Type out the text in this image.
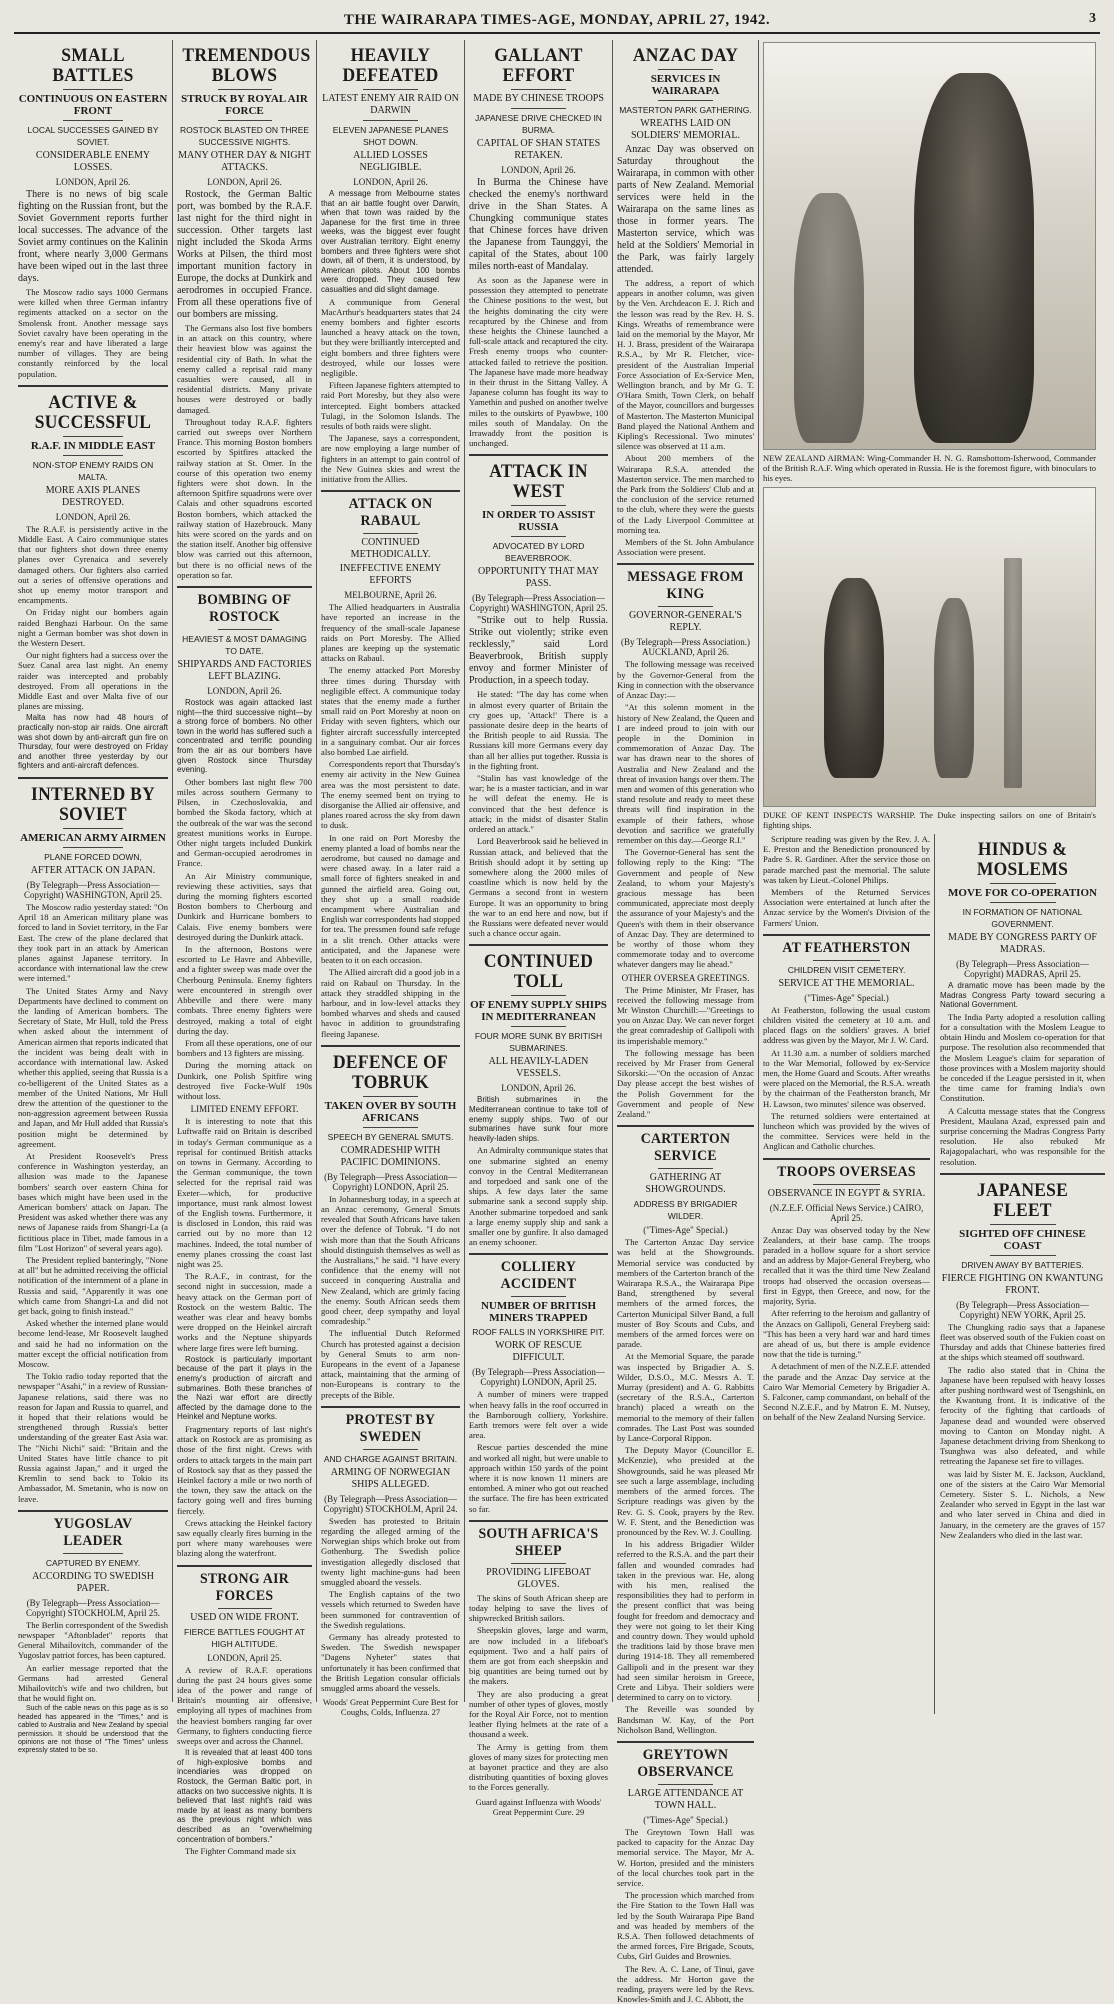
THE WAIRARAPA TIMES-AGE, MONDAY, APRIL 27, 1942.	3
SMALL BATTLES
CONTINUOUS ON EASTERN FRONT
LOCAL SUCCESSES GAINED BY SOVIET.
CONSIDERABLE ENEMY LOSSES.
LONDON, April 26.

There is no news of big scale fighting on the Russian front, but the Soviet Government reports further local successes. The advance of the Soviet army continues on the Kalinin front, where nearly 3,000 Germans have been wiped out in the last three days.

The Moscow radio says 1000 Germans were killed when three German infantry regiments attacked on a sector on the Smolensk front. Another message says Soviet cavalry have been operating in the enemy's rear and have liberated a large number of villages. They are being constantly reinforced by the local population.

ACTIVE & SUCCESSFUL
R.A.F. IN MIDDLE EAST
NON-STOP ENEMY RAIDS ON MALTA.
MORE AXIS PLANES DESTROYED.
LONDON, April 26.

The R.A.F. is persistently active in the Middle East. A Cairo communique states that our fighters shot down three enemy planes over Cyrenaica and severely damaged others. Our fighters also carried out a series of offensive operations and shot up enemy motor transport and encampments.

On Friday night our bombers again raided Benghazi Harbour. On the same night a German bomber was shot down in the Western Desert.

Our night fighters had a success over the Suez Canal area last night. An enemy raider was intercepted and probably destroyed. From all operations in the Middle East and over Malta five of our planes are missing.

Malta has now had 48 hours of practically non-stop air raids. One aircraft was shot down by anti-aircraft gun fire on Thursday, four were destroyed on Friday and another three yesterday by our fighters and anti-aircraft defences.

INTERNED BY SOVIET
AMERICAN ARMY AIRMEN
PLANE FORCED DOWN,
AFTER ATTACK ON JAPAN.
(By Telegraph—Press Association—Copyright) WASHINGTON, April 25.

The Moscow radio yesterday stated: "On April 18 an American military plane was forced to land in Soviet territory, in the Far East. The crew of the plane declared that they took part in an attack by American planes against Japanese territory. In accordance with international law the crew were interned."

The United States Army and Navy Departments have declined to comment on the landing of American bombers. The Secretary of State, Mr Hull, told the Press when asked about the internment of American airmen that reports indicated that the incident was being dealt with in accordance with international law. Asked whether this applied, seeing that Russia is a co-belligerent of the United States as a member of the United Nations, Mr Hull drew the attention of the questioner to the non-aggression agreement between Russia and Japan, and Mr Hull added that Russia's position might be determined by agreement.

At President Roosevelt's Press conference in Washington yesterday, an allusion was made to the Japanese bombers' search over eastern China for bases which might have been used in the American bombers' attack on Japan. The President was asked whether there was any news of Japanese raids from Shangri-La (a fictitious place in Tibet, made famous in a film "Lost Horizon" of several years ago).

The President replied banteringly, "None at all" but he admitted receiving the official notification of the internment of a plane in Russia and said, "Apparently it was one which came from Shangri-La and did not get back, going to finish instead."

Asked whether the interned plane would become lend-lease, Mr Roosevelt laughed and said he had no information on the matter except the official notification from Moscow.

The Tokio radio today reported that the newspaper "Asahi," in a review of Russian-Japanese relations, said there was no reason for Japan and Russia to quarrel, and it hoped that their relations would be strengthened through Russia's better understanding of the greater East Asia war. The "Nichi Nichi" said: "Britain and the United States have little chance to pit Russia against Japan," and it urged the Kremlin to send back to Tokio its Ambassador, M. Smetanin, who is now on leave.

YUGOSLAV LEADER
CAPTURED BY ENEMY.
ACCORDING TO SWEDISH PAPER.
(By Telegraph—Press Association—Copyright) STOCKHOLM, April 25.

The Berlin correspondent of the Swedish newspaper "Aftonbladet" reports that General Mihailovitch, commander of the Yugoslav patriot forces, has been captured.

An earlier message reported that the Germans had arrested General Mihailovitch's wife and two children, but that he would fight on.

Such of the cable news on this page as is so headed has appeared in the "Times," and is cabled to Australia and New Zealand by special permission. It should be understood that the opinions are not those of "The Times" unless expressly stated to be so.

TREMENDOUS BLOWS
STRUCK BY ROYAL AIR FORCE
ROSTOCK BLASTED ON THREE SUCCESSIVE NIGHTS.
MANY OTHER DAY & NIGHT ATTACKS.
LONDON, April 26.

Rostock, the German Baltic port, was bombed by the R.A.F. last night for the third night in succession. Other targets last night included the Skoda Arms Works at Pilsen, the third most important munition factory in Europe, the docks at Dunkirk and aerodromes in occupied France. From all these operations five of our bombers are missing.

The Germans also lost five bombers in an attack on this country, where their heaviest blow was against the residential city of Bath. In what the enemy called a reprisal raid many casualties were caused, all in residential districts. Many private houses were destroyed or badly damaged.

Throughout today R.A.F. fighters carried out sweeps over Northern France. This morning Boston bombers escorted by Spitfires attacked the railway station at St. Omer. In the course of this operation two enemy fighters were shot down. In the afternoon Spitfire squadrons were over Calais and other squadrons escorted Boston bombers, which attacked the railway station of Hazebrouck. Many hits were scored on the yards and on the station itself. Another big offensive blow was carried out this afternoon, but there is no official news of the operation so far.

BOMBING OF ROSTOCK
HEAVIEST & MOST DAMAGING TO DATE.
SHIPYARDS AND FACTORIES LEFT BLAZING.
LONDON, April 26.

Rostock was again attacked last night—the third successive night—by a strong force of bombers. No other town in the world has suffered such a concentrated and terrific pounding from the air as our bombers have given Rostock since Thursday evening.

Other bombers last night flew 700 miles across southern Germany to Pilsen, in Czechoslovakia, and bombed the Skoda factory, which at the outbreak of the war was the second greatest munitions works in Europe. Other night targets included Dunkirk and German-occupied aerodromes in France.

An Air Ministry communique, reviewing these activities, says that during the morning fighters escorted Boston bombers to Cherbourg and Dunkirk and Hurricane bombers to Calais. Five enemy bombers were destroyed during the Dunkirk attack.

In the afternoon, Bostons were escorted to Le Havre and Abbeville, and a fighter sweep was made over the Cherbourg Peninsula. Enemy fighters were encountered in strength over Abbeville and there were many combats. Three enemy fighters were destroyed, making a total of eight during the day.

From all these operations, one of our bombers and 13 fighters are missing.

During the morning attack on Dunkirk, one Polish Spitfire wing destroyed five Focke-Wulf 190s without loss.

LIMITED ENEMY EFFORT.

It is interesting to note that this Luftwaffe raid on Britain is described in today's German communique as a reprisal for continued British attacks on towns in Germany. According to the German communique, the town selected for the reprisal raid was Exeter—which, for productive importance, must rank almost lowest of the English towns. Furthermore, it is disclosed in London, this raid was carried out by no more than 12 machines. Indeed, the total number of enemy planes crossing the coast last night was 25.

The R.A.F., in contrast, for the second night in succession, made a heavy attack on the German port of Rostock on the western Baltic. The weather was clear and heavy bombs were dropped on the Heinkel aircraft works and the Neptune shipyards where large fires were left burning.

Rostock is particularly important because of the part it plays in the enemy's production of aircraft and submarines. Both these branches of the Nazi war effort are directly affected by the damage done to the Heinkel and Neptune works.

Fragmentary reports of last night's attack on Rostock are as promising as those of the first night. Crews with orders to attack targets in the main part of Rostock say that as they passed the Heinkel factory a mile or two north of the town, they saw the attack on the factory going well and fires burning fiercely.

Crews attacking the Heinkel factory saw equally clearly fires burning in the port where many warehouses were blazing along the waterfront.

STRONG AIR FORCES
USED ON WIDE FRONT.
FIERCE BATTLES FOUGHT AT HIGH ALTITUDE.
LONDON, April 25.

A review of R.A.F. operations during the past 24 hours gives some idea of the power and range of Britain's mounting air offensive, employing all types of machines from the heaviest bombers ranging far over Germany, to fighters conducting fierce sweeps over and across the Channel.

It is revealed that at least 400 tons of high-explosive bombs and incendiaries was dropped on Rostock, the German Baltic port, in attacks on two successive nights. It is believed that last night's raid was made by at least as many bombers as the previous night which was described as an "overwhelming concentration of bombers."

The Fighter Command made six

HEAVILY DEFEATED
LATEST ENEMY AIR RAID ON DARWIN
ELEVEN JAPANESE PLANES SHOT DOWN.
ALLIED LOSSES NEGLIGIBLE.
LONDON, April 26.

A message from Melbourne states that an air battle fought over Darwin, when that town was raided by the Japanese for the first time in three weeks, was the biggest ever fought over Australian territory. Eight enemy bombers and three fighters were shot down, all of them, it is understood, by American pilots. About 100 bombs were dropped. They caused few casualties and did slight damage.

A communique from General MacArthur's headquarters states that 24 enemy bombers and fighter escorts launched a heavy attack on the town, but they were brilliantly intercepted and eight bombers and three fighters were destroyed, while our losses were negligible.

Fifteen Japanese fighters attempted to raid Port Moresby, but they also were intercepted. Eight bombers attacked Tulagi, in the Solomon Islands. The results of both raids were slight.

The Japanese, says a correspondent, are now employing a large number of fighters in an attempt to gain control of the New Guinea skies and wrest the initiative from the Allies.

ATTACK ON RABAUL
CONTINUED METHODICALLY.
INEFFECTIVE ENEMY EFFORTS
MELBOURNE, April 26.

The Allied headquarters in Australia have reported an increase in the frequency of the small-scale Japanese raids on Port Moresby. The Allied planes are keeping up the systematic attacks on Rabaul.

The enemy attacked Port Moresby three times during Thursday with negligible effect. A communique today states that the enemy made a further small raid on Port Moresby at noon on Friday with seven fighters, which our fighter aircraft successfully intercepted in a sanguinary combat. Our air forces also bombed Lae airfield.

Correspondents report that Thursday's enemy air activity in the New Guinea area was the most persistent to date. The enemy seemed bent on trying to disorganise the Allied air offensive, and planes roared across the sky from dawn to dusk.

In one raid on Port Moresby the enemy planted a load of bombs near the aerodrome, but caused no damage and were chased away. In a later raid a small force of fighters sneaked in and gunned the airfield area. Going out, they shot up a small roadside encampment where Australian and English war correspondents had stopped for tea. The pressmen found safe refuge in a slit trench. Other attacks were anticipated, and the Japanese were beaten to it on each occasion.

The Allied aircraft did a good job in a raid on Rabaul on Thursday. In the attack they straddled shipping in the harbour, and in low-level attacks they bombed wharves and sheds and caused havoc in addition to groundstrafing fleeing Japanese.

DEFENCE OF TOBRUK
TAKEN OVER BY SOUTH AFRICANS
SPEECH BY GENERAL SMUTS.
COMRADESHIP WITH PACIFIC DOMINIONS.
(By Telegraph—Press Association—Copyright) LONDON, April 25.

In Johannesburg today, in a speech at an Anzac ceremony, General Smuts revealed that South Africans have taken over the defence of Tobruk. "I do not wish more than that the South Africans should distinguish themselves as well as the Australians," he said. "I have every confidence that the enemy will not succeed in conquering Australia and New Zealand, which are grimly facing the enemy. South African seeds them good cheer, deep sympathy and loyal comradeship."

The influential Dutch Reformed Church has protested against a decision by General Smuts to arm non-Europeans in the event of a Japanese attack, maintaining that the arming of non-Europeans is contrary to the precepts of the Bible.

PROTEST BY SWEDEN
AND CHARGE AGAINST BRITAIN.
ARMING OF NORWEGIAN SHIPS ALLEGED.
(By Telegraph—Press Association—Copyright) STOCKHOLM, April 24.

Sweden has protested to Britain regarding the alleged arming of the Norwegian ships which broke out from Gothenburg. The Swedish police investigation allegedly disclosed that twenty light machine-guns had been smuggled aboard the vessels.

The English captains of the two vessels which returned to Sweden have been summoned for contravention of the Swedish regulations.

Germany has already protested to Sweden. The Swedish newspaper "Dagens Nyheter" states that unfortunately it has been confirmed that the British Legation consular officials smuggled arms aboard the vessels.

Woods' Great Peppermint Cure Best for Coughs, Colds, Influenza. 27
GALLANT EFFORT
MADE BY CHINESE TROOPS
JAPANESE DRIVE CHECKED IN BURMA.
CAPITAL OF SHAN STATES RETAKEN.
LONDON, April 26.

In Burma the Chinese have checked the enemy's northward drive in the Shan States. A Chungking communique states that Chinese forces have driven the Japanese from Taunggyi, the capital of the States, about 100 miles north-east of Mandalay.

As soon as the Japanese were in possession they attempted to penetrate the Chinese positions to the west, but the heights dominating the city were recaptured by the Chinese and from these heights the Chinese launched a full-scale attack and recaptured the city. Fresh enemy troops who counter-attacked failed to retrieve the position. The Japanese have made more headway in their thrust in the Sittang Valley. A Japanese column has fought its way to Yamethin and pushed on another twelve miles to the outskirts of Pyawbwe, 100 miles south of Mandalay. On the Irrawaddy front the position is unchanged.

ATTACK IN WEST
IN ORDER TO ASSIST RUSSIA
ADVOCATED BY LORD BEAVERBROOK.
OPPORTUNITY THAT MAY PASS.
(By Telegraph—Press Association—Copyright) WASHINGTON, April 25.

"Strike out to help Russia. Strike out violently; strike even recklessly," said Lord Beaverbrook, British supply envoy and former Minister of Production, in a speech today.

He stated: "The day has come when in almost every quarter of Britain the cry goes up, 'Attack!' There is a passionate desire deep in the hearts of the British people to aid Russia. The Russians kill more Germans every day than all her allies put together. Russia is in the fighting front.

"Stalin has vast knowledge of the war; he is a master tactician, and in war he will defeat the enemy. He is convinced that the best defence is attack; in the midst of disaster Stalin ordered an attack."

Lord Beaverbrook said he believed in Russian attack, and believed that the British should adopt it by setting up somewhere along the 2000 miles of coastline which is now held by the Germans a second front in western Europe. It was an opportunity to bring the war to an end here and now, but if the Russians were defeated never would such a chance occur again.

CONTINUED TOLL
OF ENEMY SUPPLY SHIPS IN MEDITERRANEAN
FOUR MORE SUNK BY BRITISH SUBMARINES.
ALL HEAVILY-LADEN VESSELS.
LONDON, April 26.

British submarines in the Mediterranean continue to take toll of enemy supply ships. Two of our submarines have sunk four more heavily-laden ships.

An Admiralty communique states that one submarine sighted an enemy convoy in the Central Mediterranean and torpedoed and sank one of the ships. A few days later the same submarine sank a second supply ship. Another submarine torpedoed and sank a large enemy supply ship and sank a smaller one by gunfire. It also damaged an enemy schooner.

COLLIERY ACCIDENT
NUMBER OF BRITISH MINERS TRAPPED
ROOF FALLS IN YORKSHIRE PIT.
WORK OF RESCUE DIFFICULT.
(By Telegraph—Press Association—Copyright) LONDON, April 25.

A number of miners were trapped when heavy falls in the roof occurred in the Barnborough colliery, Yorkshire. Earth tremors were felt over a wide area.

Rescue parties descended the mine and worked all night, but were unable to approach within 150 yards of the point where it is now known 11 miners are entombed. A miner who got out reached the surface. The fire has been extricated so far.

SOUTH AFRICA'S SHEEP
PROVIDING LIFEBOAT GLOVES.

The skins of South African sheep are today helping to save the lives of shipwrecked British sailors.

Sheepskin gloves, large and warm, are now included in a lifeboat's equipment. Two and a half pairs of them are got from each sheepskin and big quantities are being turned out by the makers.

They are also producing a great number of other types of gloves, mostly for the Royal Air Force, not to mention leather flying helmets at the rate of a thousand a week.

The Army is getting from them gloves of many sizes for protecting men at bayonet practice and they are also distributing quantities of boxing gloves to the Forces generally.

Guard against Influenza with Woods' Great Peppermint Cure. 29
ANZAC DAY
SERVICES IN WAIRARAPA
MASTERTON PARK GATHERING.
WREATHS LAID ON SOLDIERS' MEMORIAL.

Anzac Day was observed on Saturday throughout the Wairarapa, in common with other parts of New Zealand. Memorial services were held in the Wairarapa on the same lines as those in former years. The Masterton service, which was held at the Soldiers' Memorial in the Park, was fairly largely attended.

The address, a report of which appears in another column, was given by the Ven. Archdeacon E. J. Rich and the lesson was read by the Rev. H. S. Kings. Wreaths of remembrance were laid on the memorial by the Mayor, Mr H. J. Brass, president of the Wairarapa R.S.A., by Mr R. Fletcher, vice-president of the Australian Imperial Force Association of Ex-Service Men, Wellington branch, and by Mr G. T. O'Hara Smith, Town Clerk, on behalf of the Mayor, councillors and burgesses of Masterton. The Masterton Municipal Band played the National Anthem and Kipling's Recessional. Two minutes' silence was observed at 11 a.m.

About 200 members of the Wairarapa R.S.A. attended the Masterton service. The men marched to the Park from the Soldiers' Club and at the conclusion of the service returned to the club, where they were the guests of the Lady Liverpool Committee at morning tea.

Members of the St. John Ambulance Association were present.

MESSAGE FROM KING
GOVERNOR-GENERAL'S REPLY.
(By Telegraph—Press Association.) AUCKLAND, April 26.

The following message was received by the Governor-General from the King in connection with the observance of Anzac Day:—

"At this solemn moment in the history of New Zealand, the Queen and I are indeed proud to join with our people in the Dominion in commemoration of Anzac Day. The war has drawn near to the shores of Australia and New Zealand and the threat of invasion hangs over them. The men and women of this generation who stand resolute and ready to meet these threats will find inspiration in the example of their fathers, whose devotion and sacrifice we gratefully remember on this day.—George R.I."

The Governor-General has sent the following reply to the King: "The Government and people of New Zealand, to whom your Majesty's gracious message has been communicated, appreciate most deeply the assurance of your Majesty's and the Queen's with them in their observance of Anzac Day. They are determined to be worthy of those whom they commemorate today and to overcome whatever dangers may lie ahead."

OTHER OVERSEA GREETINGS.

The Prime Minister, Mr Fraser, has received the following message from Mr Winston Churchill:—"Greetings to you on Anzac Day. We can never forget the great comradeship of Gallipoli with its imperishable memory."

The following message has been received by Mr Fraser from General Sikorski:—"On the occasion of Anzac Day please accept the best wishes of the Polish Government for the Government and people of New Zealand."

CARTERTON SERVICE
GATHERING AT SHOWGROUNDS.
ADDRESS BY BRIGADIER WILDER.
("Times-Age" Special.)

The Carterton Anzac Day service was held at the Showgrounds. Memorial service was conducted by members of the Carterton branch of the Wairarapa R.S.A., the Wairarapa Pipe Band, strengthened by several members of the armed forces, the Carterton Municipal Silver Band, a full muster of Boy Scouts and Cubs, and members of the armed forces were on parade.

At the Memorial Square, the parade was inspected by Brigadier A. S. Wilder, D.S.O., M.C. Messrs A. T. Murray (president) and A. G. Rabbitts (secretary of the R.S.A., Carterton branch) placed a wreath on the memorial to the memory of their fallen comrades. The Last Post was sounded by Lance-Corporal Rippon.

The Deputy Mayor (Councillor E. McKenzie), who presided at the Showgrounds, said he was pleased Mr see such a large assemblage, including members of the armed forces. The Scripture readings was given by the Rev. G. S. Cook, prayers by the Rev. W. F. Stent, and the Benediction was pronounced by the Rev. W. J. Coulling.

In his address Brigadier Wilder referred to the R.S.A. and the part their fallen and wounded comrades had taken in the previous war. He, along with his men, realised the responsibilities they had to perform in the present conflict that was being fought for freedom and democracy and they were not going to let their King and country down. They would uphold the traditions laid by those brave men during 1914-18. They all remembered Gallipoli and in the present war they had seen similar heroism in Greece, Crete and Libya. Their soldiers were determined to carry on to victory.

The Reveille was sounded by Bandsman W. Kay, of the Port Nicholson Band, Wellington.

GREYTOWN OBSERVANCE
LARGE ATTENDANCE AT TOWN HALL.
("Times-Age" Special.)

The Greytown Town Hall was packed to capacity for the Anzac Day memorial service. The Mayor, Mr A. W. Horton, presided and the ministers of the local churches took part in the service.

The procession which marched from the Fire Station to the Town Hall was led by the South Wairarapa Pipe Band and was headed by members of the R.S.A. Then followed detachments of the armed forces, Fire Brigade, Scouts, Cubs, Girl Guides and Brownies.

The Rev. A. C. Lane, of Tinui, gave the address. Mr Horton gave the reading, prayers were led by the Revs. Knowles-Smith and J. C. Abbott, the

NEW ZEALAND AIRMAN: Wing-Commander H. N. G. Ramsbottom-Isherwood, Commander of the British R.A.F. Wing which operated in Russia. He is the foremost figure, with binoculars to his eyes.

DUKE OF KENT INSPECTS WARSHIP. The Duke inspecting sailors on one of Britain's fighting ships.

Scripture reading was given by the Rev. J. A. E. Preston and the Benediction pronounced by Padre S. R. Gardiner. After the service those on parade marched past the memorial. The salute was taken by Lieut.-Colonel Philips.

Members of the Returned Services Association were entertained at lunch after the Anzac service by the Women's Division of the Farmers' Union.

AT FEATHERSTON
CHILDREN VISIT CEMETERY.
SERVICE AT THE MEMORIAL.
("Times-Age" Special.)

At Featherston, following the usual custom children visited the cemetery at 10 a.m. and placed flags on the soldiers' graves. A brief address was given by the Mayor, Mr J. W. Card.

At 11.30 a.m. a number of soldiers marched to the War Memorial, followed by ex-Service men, the Home Guard and Scouts. After wreaths were placed on the Memorial, the R.S.A. wreath by the chairman of the Featherston branch, Mr H. Lawson, two minutes' silence was observed.

The returned soldiers were entertained at luncheon which was provided by the wives of the committee. Services were held in the Anglican and Catholic churches.

TROOPS OVERSEAS
OBSERVANCE IN EGYPT & SYRIA.
(N.Z.E.F. Official News Service.) CAIRO, April 25.

Anzac Day was observed today by the New Zealanders, at their base camp. The troops paraded in a hollow square for a short service and an address by Major-General Freyberg, who recalled that it was the third time New Zealand troops had observed the occasion overseas—first in Egypt, then Greece, and now, for the majority, Syria.

After referring to the heroism and gallantry of the Anzacs on Gallipoli, General Freyberg said: "This has been a very hard war and hard times are ahead of us, but there is ample evidence now that the tide is turning."

A detachment of men of the N.Z.E.F. attended the parade and the Anzac Day service at the Cairo War Memorial Cemetery by Brigadier A. S. Falconer, camp commandant, on behalf of the Second N.Z.E.F., and by Matron E. M. Nutsey, on behalf of the New Zealand Nursing Service.

HINDUS & MOSLEMS
MOVE FOR CO-OPERATION
IN FORMATION OF NATIONAL GOVERNMENT.
MADE BY CONGRESS PARTY OF MADRAS.
(By Telegraph—Press Association—Copyright) MADRAS, April 25.

A dramatic move has been made by the Madras Congress Party toward securing a National Government.

The India Party adopted a resolution calling for a consultation with the Moslem League to obtain Hindu and Moslem co-operation for that purpose. The resolution also recommended that the Moslem League's claim for separation of those provinces with a Moslem majority should be conceded if the League persisted in it, when the time came for framing India's own Constitution.

A Calcutta message states that the Congress President, Maulana Azad, expressed pain and surprise concerning the Madras Congress Party resolution. He also rebuked Mr Rajagopalachari, who was responsible for the resolution.

JAPANESE FLEET
SIGHTED OFF CHINESE COAST
DRIVEN AWAY BY BATTERIES.
FIERCE FIGHTING ON KWANTUNG FRONT.
(By Telegraph—Press Association—Copyright) NEW YORK, April 25.

The Chungking radio says that a Japanese fleet was observed south of the Fukien coast on Thursday and adds that Chinese batteries fired at the ships which steamed off southward.

The radio also stated that in China the Japanese have been repulsed with heavy losses after pushing northward west of Tsengshink, on the Kwantung front. It is indicative of the ferocity of the fighting that cartloads of Japanese dead and wounded were observed moving to Canton on Monday night. A Japanese detachment driving from Shenkong to Tsunghwa was also defeated, and while retreating the Japanese set fire to villages.

was laid by Sister M. E. Jackson, Auckland, one of the sisters at the Cairo War Memorial Cemetery. Sister S. L. Nichols, a New Zealander who served in Egypt in the last war and who later served in China and died in January, in the cemetery are the graves of 157 New Zealanders who died in the last war.
